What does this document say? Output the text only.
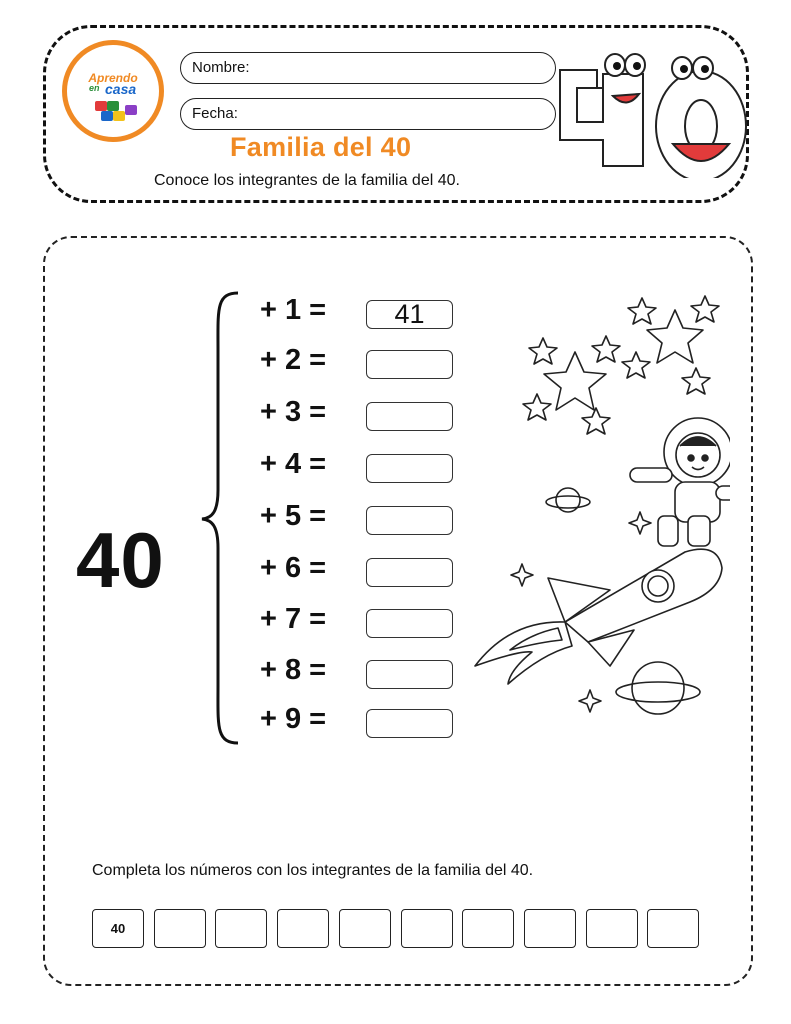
Aprendo
en casa
Nombre:
Fecha:
Familia del 40
Conoce los integrantes de la familia del 40.
40
+ 1 =	41
+ 2 =
+ 3 =
+ 4 =
+ 5 =
+ 6 =
+ 7 =
+ 8 =
+ 9 =
Completa los números con los integrantes de la familia del 40.
40
